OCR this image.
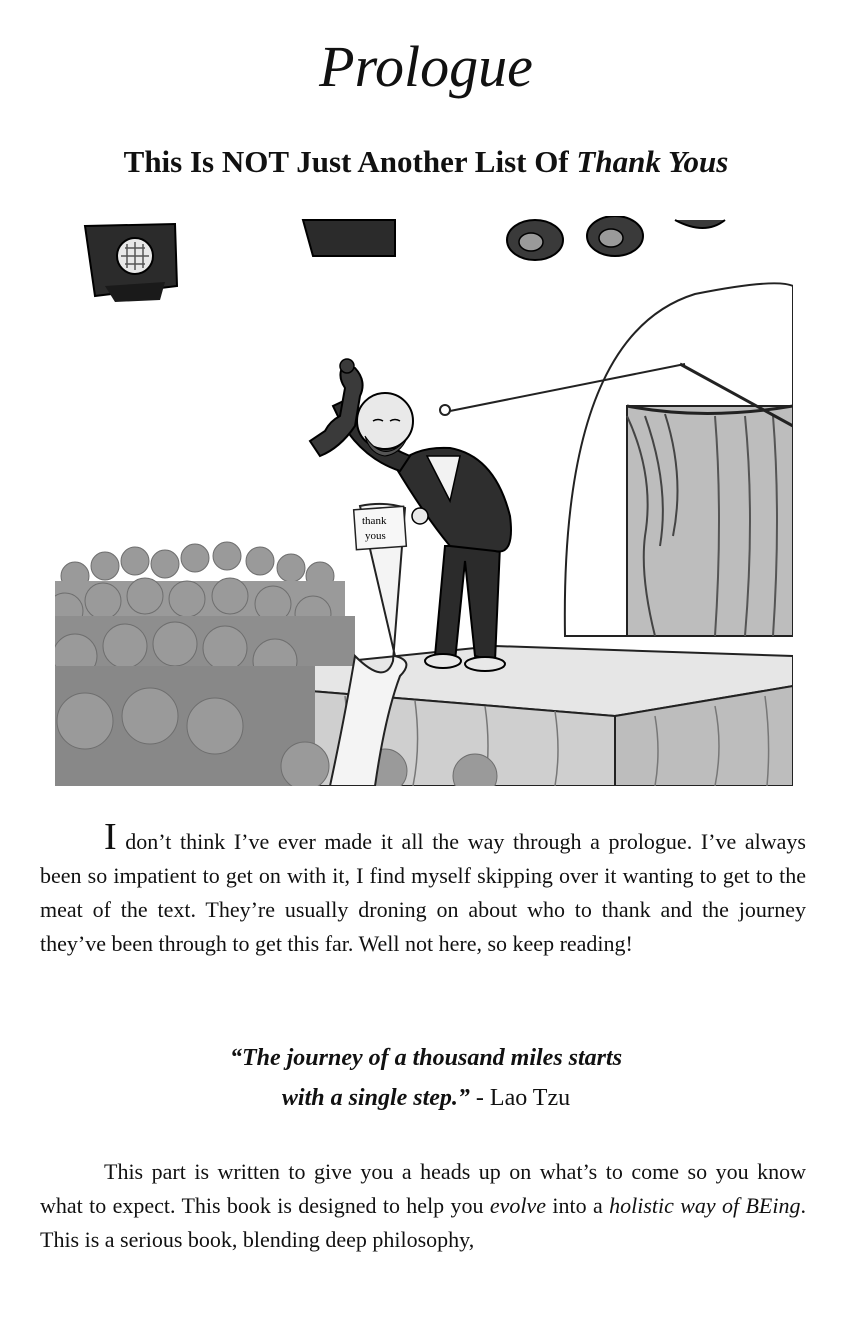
Prologue
This Is NOT Just Another List Of Thank Yous
thank
yous

I don’t think I’ve ever made it all the way through a prologue. I’ve always been so impatient to get on with it, I find myself skipping over it wanting to get to the meat of the text. They’re usually droning on about who to thank and the journey they’ve been through to get this far. Well not here, so keep reading!

“The journey of a thousand miles starts
with a single step.” - Lao Tzu

This part is written to give you a heads up on what’s to come so you know what to expect. This book is designed to help you evolve into a holistic way of BEing. This is a serious book, blending deep philosophy,
